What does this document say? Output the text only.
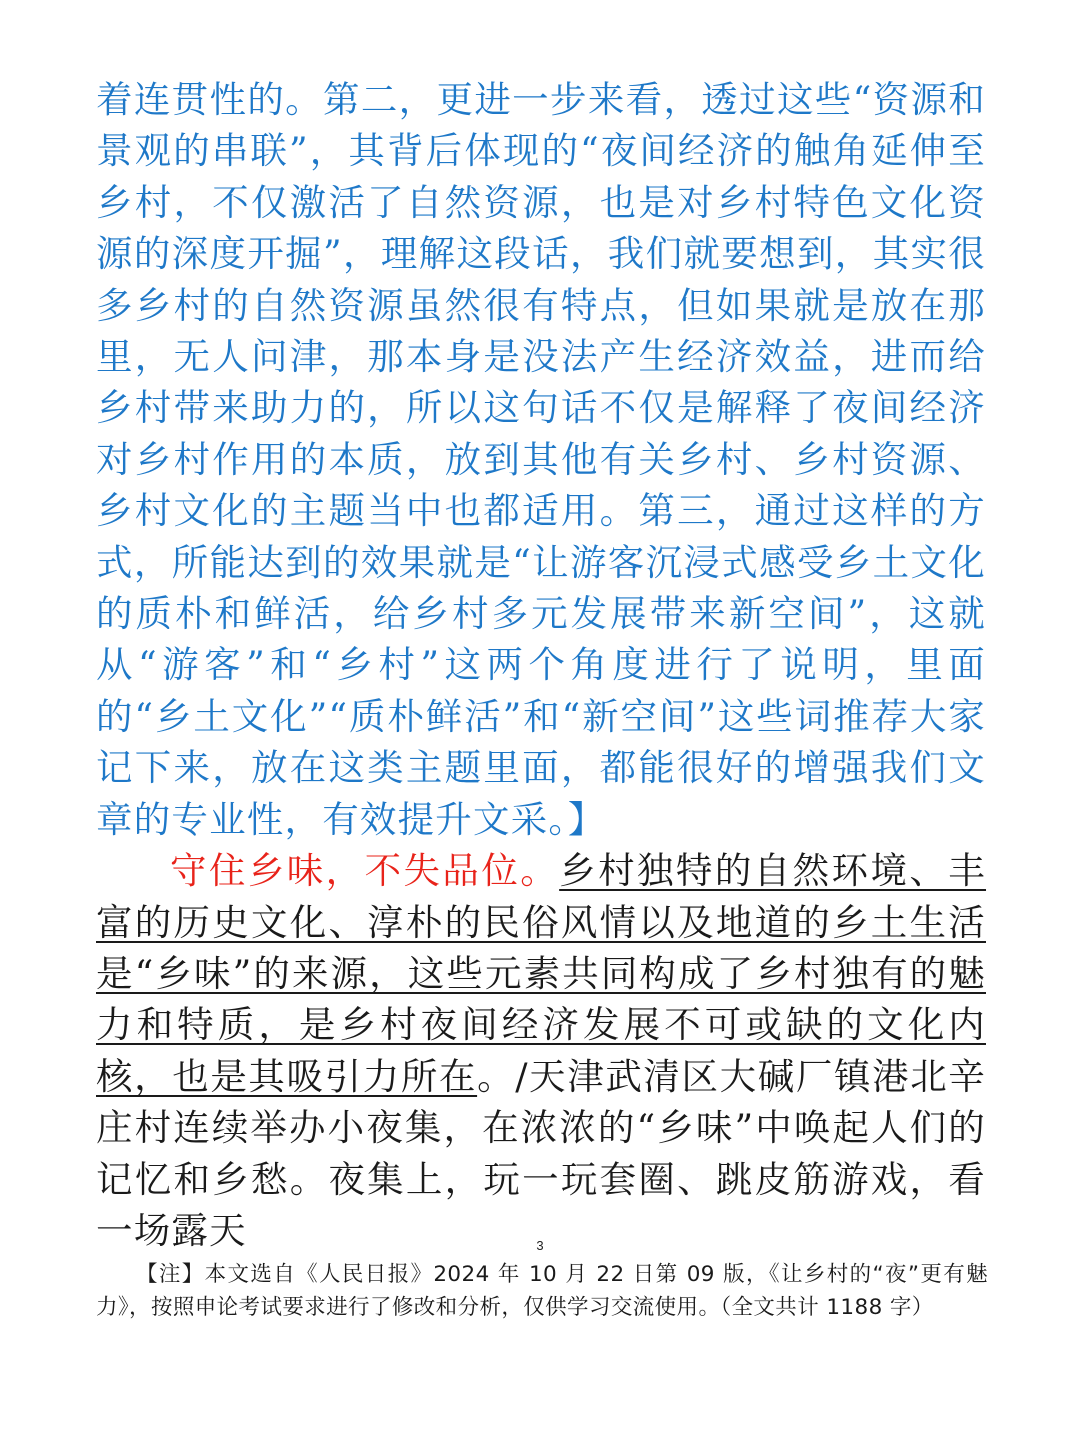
着连贯性的。第二，更进一步来看，透过这些“资源和景观的串联”，其背后体现的“夜间经济的触角延伸至乡村，不仅激活了自然资源，也是对乡村特色文化资源的深度开掘”，理解这段话，我们就要想到，其实很多乡村的自然资源虽然很有特点，但如果就是放在那里，无人问津，那本身是没法产生经济效益，进而给乡村带来助力的，所以这句话不仅是解释了夜间经济对乡村作用的本质，放到其他有关乡村、乡村资源、乡村文化的主题当中也都适用。第三，通过这样的方式，所能达到的效果就是“让游客沉浸式感受乡土文化的质朴和鲜活，给乡村多元发展带来新空间”，这就从“游客”和“乡村”这两个角度进行了说明，里面的“乡土文化”“质朴鲜活”和“新空间”这些词推荐大家记下来，放在这类主题里面，都能很好的增强我们文章的专业性，有效提升文采。】

守住乡味，不失品位。乡村独特的自然环境、丰富的历史文化、淳朴的民俗风情以及地道的乡土生活是“乡味”的来源，这些元素共同构成了乡村独有的魅力和特质，是乡村夜间经济发展不可或缺的文化内核，也是其吸引力所在。/天津武清区大碱厂镇港北辛庄村连续举办小夜集，在浓浓的“乡味”中唤起人们的记忆和乡愁。夜集上，玩一玩套圈、跳皮筋游戏，看一场露天	3

【注】本文选自《人民日报》2024 年 10 月 22 日第 09 版，《让乡村的“夜”更有魅力》，按照申论考试要求进行了修改和分析，仅供学习交流使用。（全文共计 1188 字）
